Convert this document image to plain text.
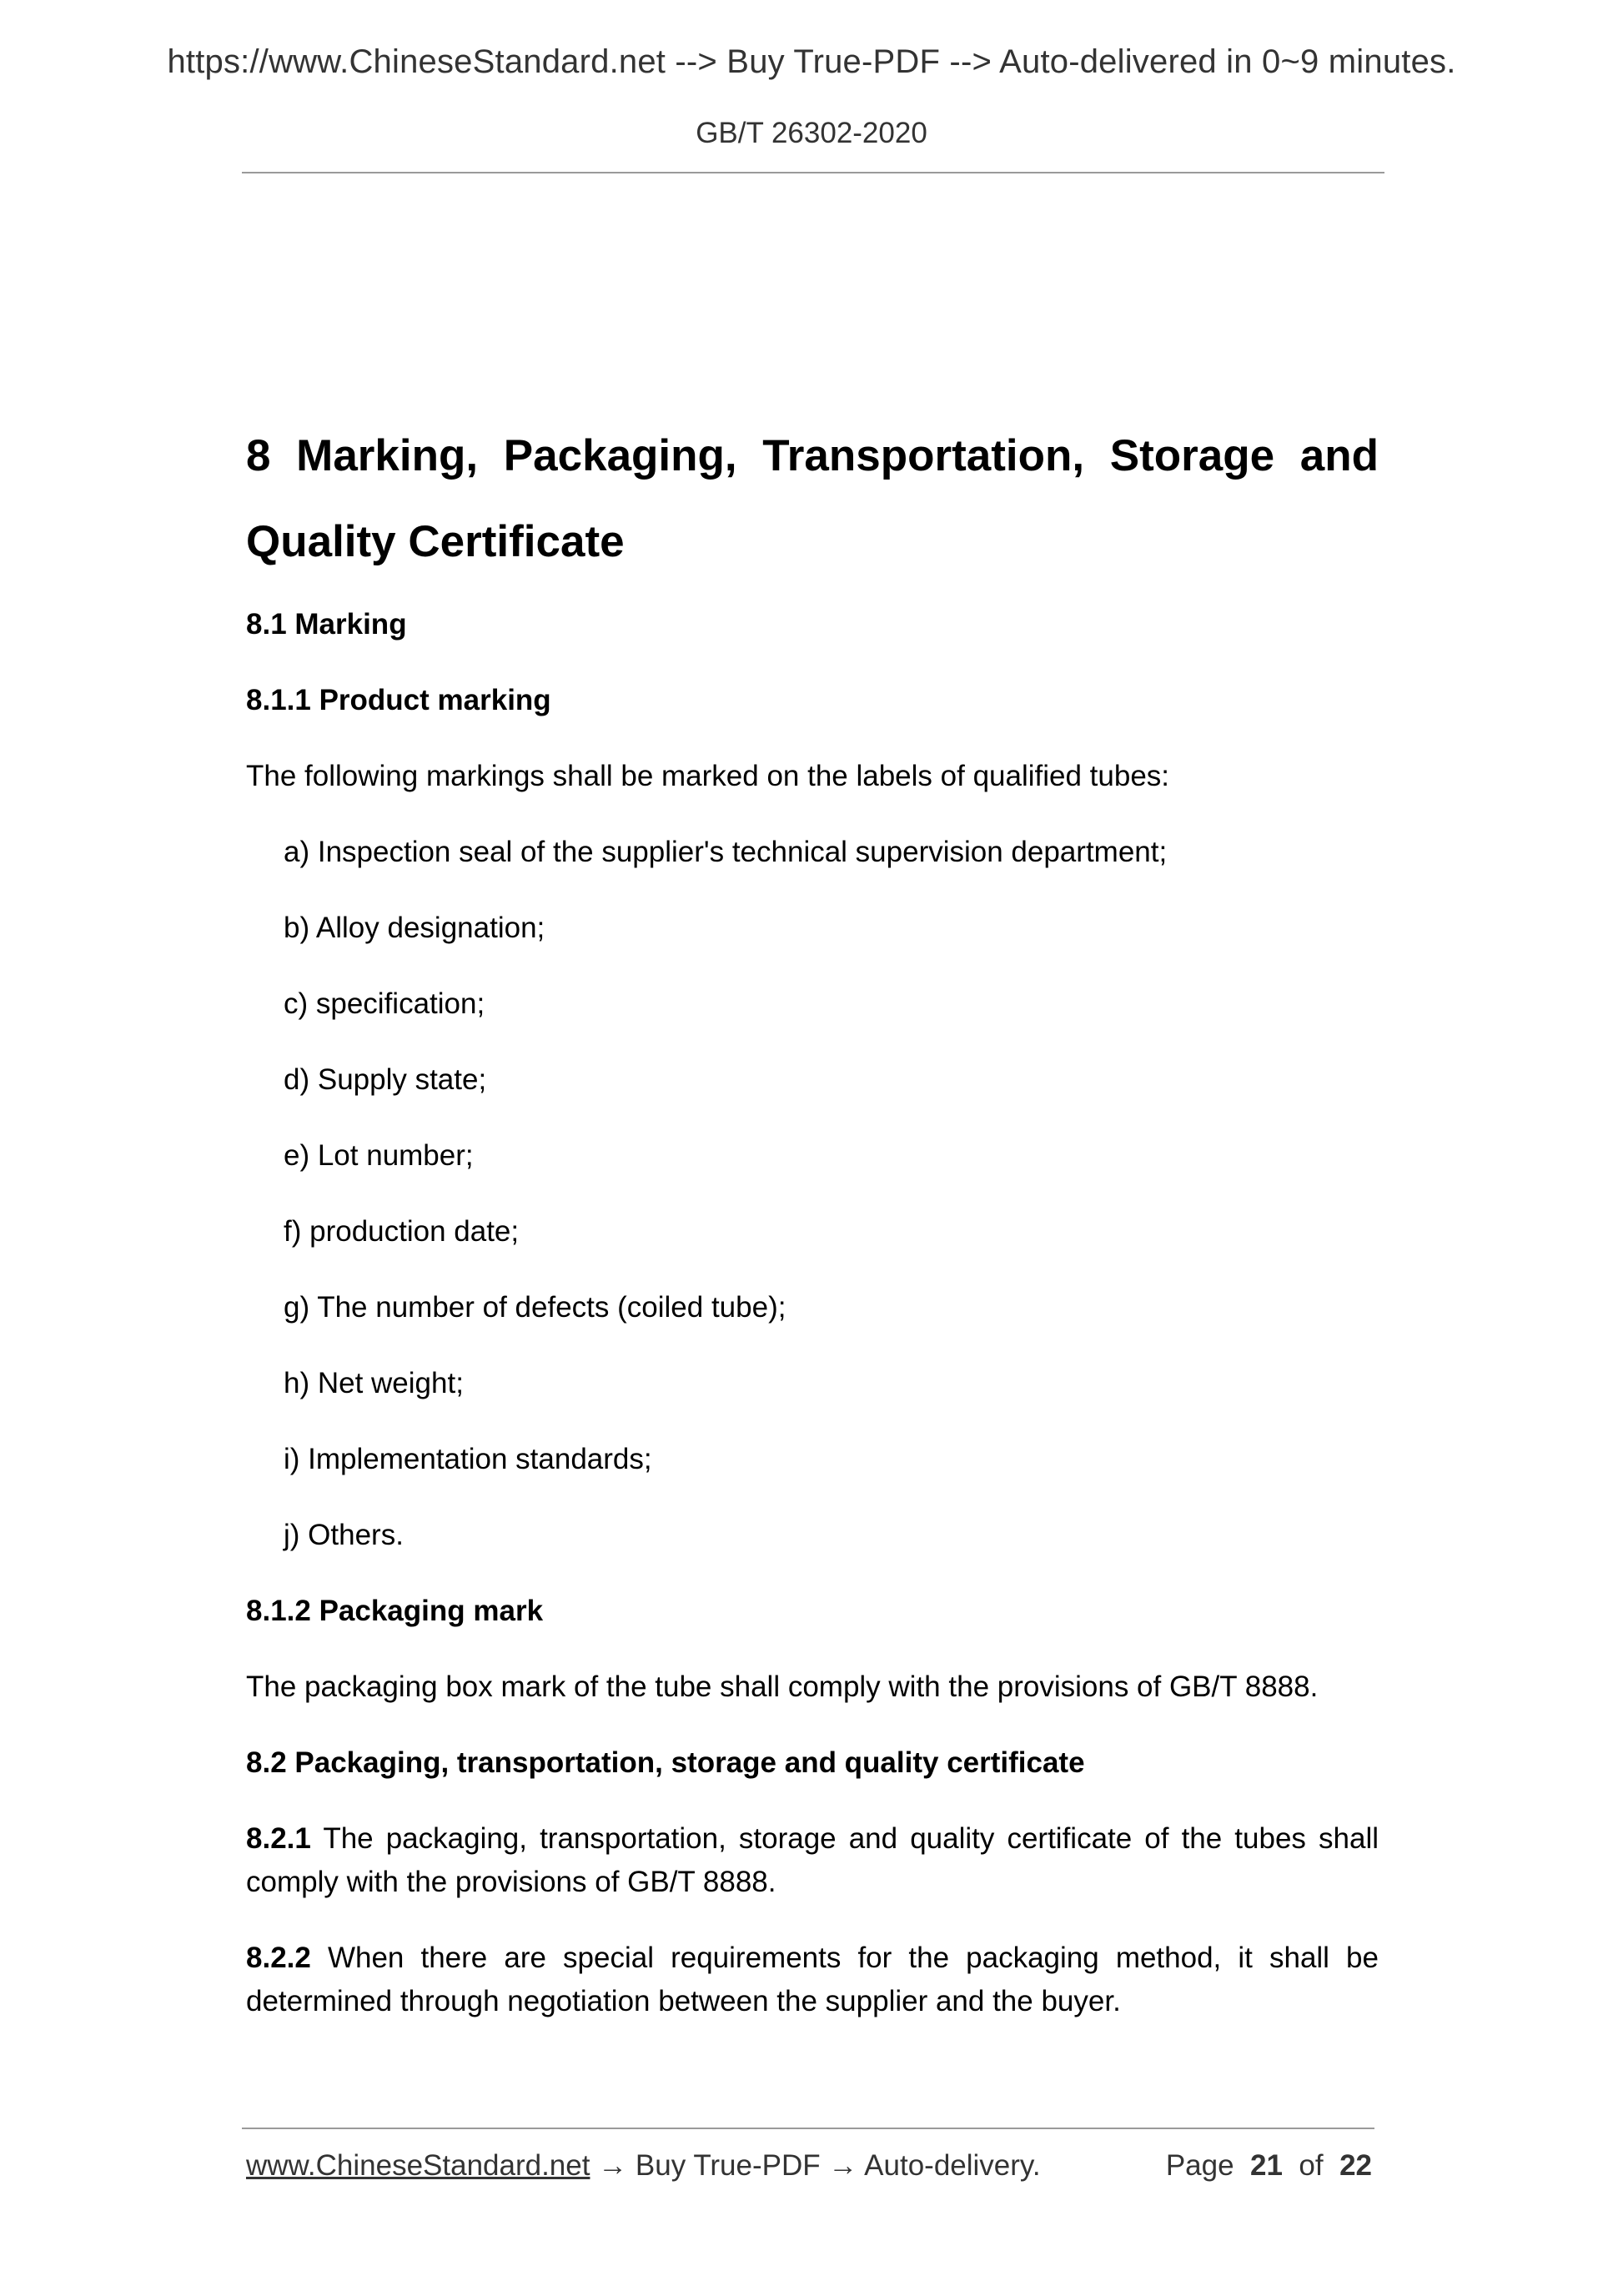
https://www.ChineseStandard.net --> Buy True-PDF --> Auto-delivered in 0~9 minutes.
GB/T 26302-2020
8 Marking, Packaging, Transportation, Storage and
Quality Certificate
8.1 Marking
8.1.1 Product marking
The following markings shall be marked on the labels of qualified tubes:
a) Inspection seal of the supplier's technical supervision department;
b) Alloy designation;
c) specification;
d) Supply state;
e) Lot number;
f) production date;
g) The number of defects (coiled tube);
h) Net weight;
i) Implementation standards;
j) Others.
8.1.2 Packaging mark
The packaging box mark of the tube shall comply with the provisions of GB/T 8888.
8.2 Packaging, transportation, storage and quality certificate
8.2.1 The packaging, transportation, storage and quality certificate of the tubes shall comply with the provisions of GB/T 8888.
8.2.2 When there are special requirements for the packaging method, it shall be determined through negotiation between the supplier and the buyer.
www.ChineseStandard.net → Buy True-PDF → Auto-delivery.	Page 21 of 22
